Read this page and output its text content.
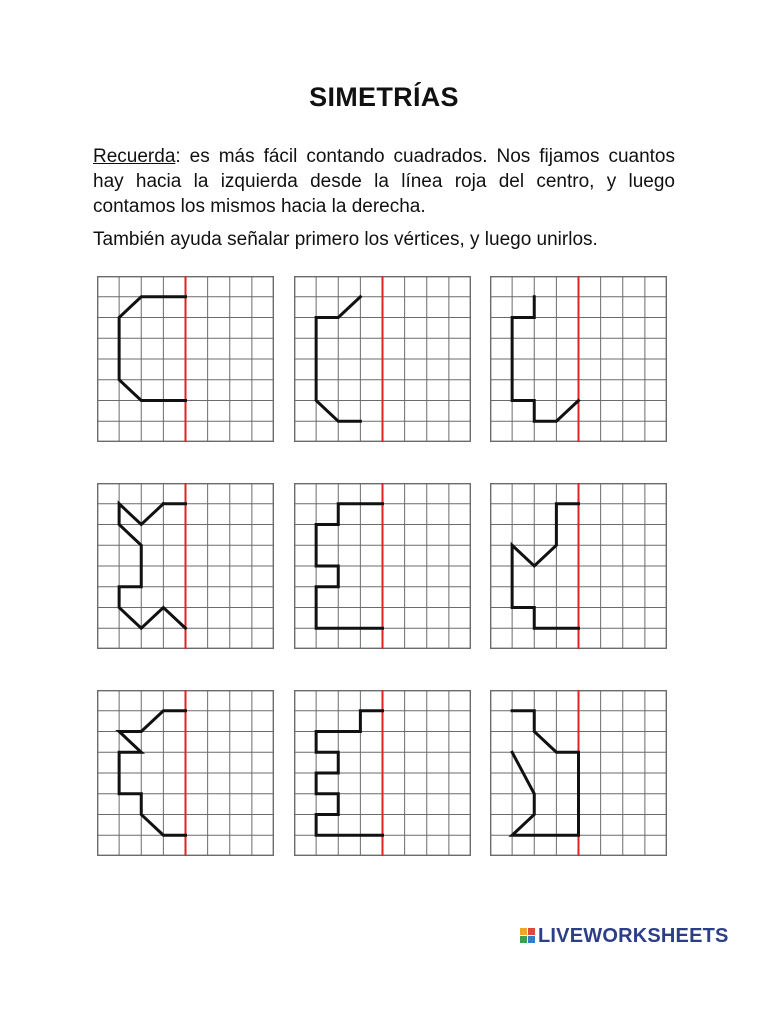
SIMETRÍAS

Recuerda: es más fácil contando cuadrados. Nos fijamos cuantos hay hacia la izquierda desde la línea roja del centro, y luego contamos los mismos hacia la derecha.

También ayuda señalar primero los vértices, y luego unirlos.

LIVEWORKSHEETS
